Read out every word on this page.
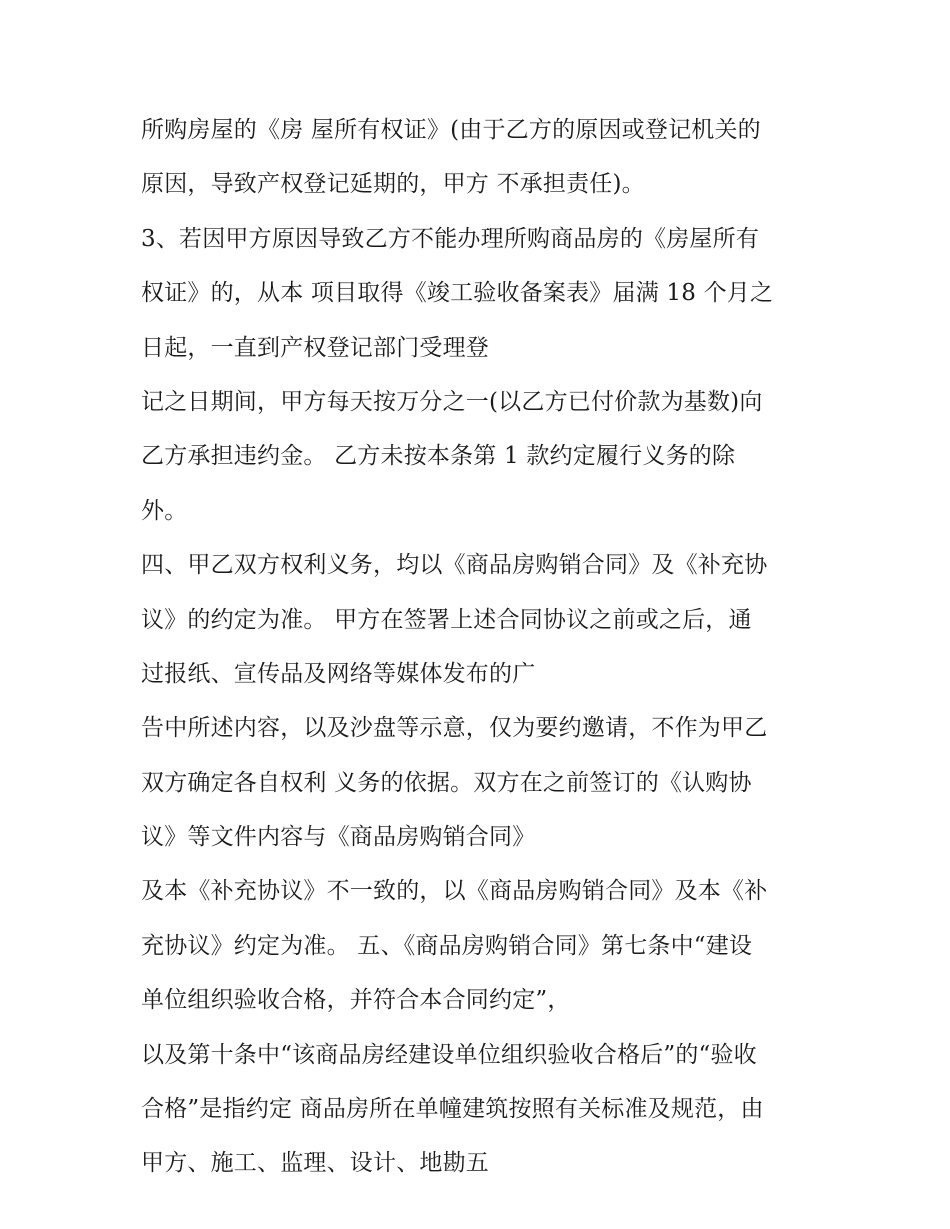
所购房屋的《房 屋所有权证》(由于乙方的原因或登记机关的
原因，导致产权登记延期的，甲方 不承担责任)。
3、若因甲方原因导致乙方不能办理所购商品房的《房屋所有
权证》的，从本 项目取得《竣工验收备案表》届满 18 个月之
日起，一直到产权登记部门受理登
记之日期间，甲方每天按万分之一(以乙方已付价款为基数)向
乙方承担违约金。 乙方未按本条第 1 款约定履行义务的除
外。
四、甲乙双方权利义务，均以《商品房购销合同》及《补充协
议》的约定为准。 甲方在签署上述合同协议之前或之后，通
过报纸、宣传品及网络等媒体发布的广
告中所述内容，以及沙盘等示意，仅为要约邀请，不作为甲乙
双方确定各自权利 义务的依据。双方在之前签订的《认购协
议》等文件内容与《商品房购销合同》
及本《补充协议》不一致的，以《商品房购销合同》及本《补
充协议》约定为准。 五、《商品房购销合同》第七条中“建设
单位组织验收合格，并符合本合同约定”，
以及第十条中“该商品房经建设单位组织验收合格后”的“验收
合格”是指约定 商品房所在单幢建筑按照有关标准及规范，由
甲方、施工、监理、设计、地勘五
